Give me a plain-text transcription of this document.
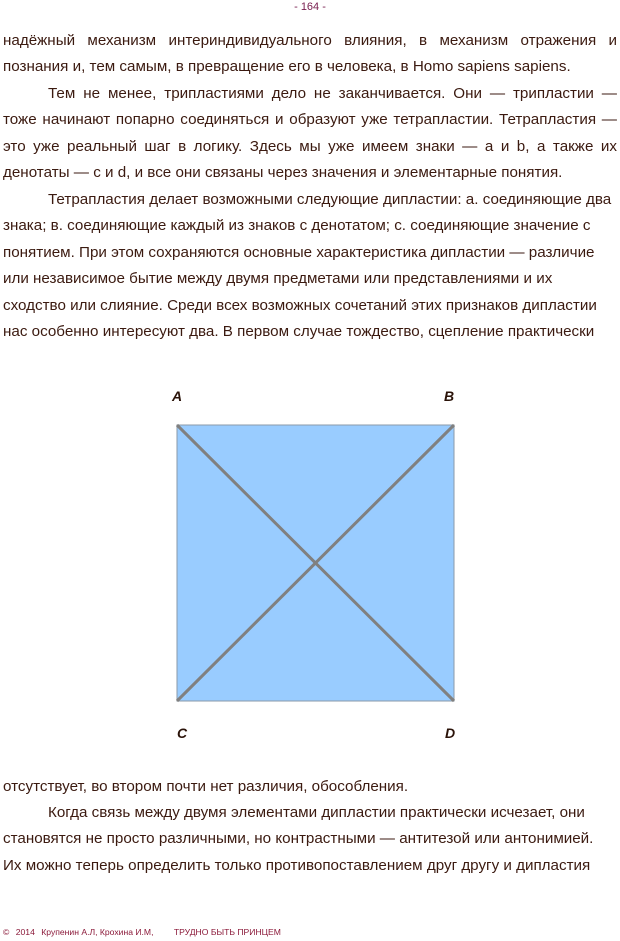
- 164 -
надёжный механизм интериндивидуального влияния, в механизм отражения и
познания и, тем самым, в превращение его в человека, в Homo sapiens sapiens.
Тем не менее, трипластиями дело не заканчивается. Они — трипластии —
тоже начинают попарно соединяться и образуют уже тетрапластии. Тетрапластия —
это уже реальный шаг в логику. Здесь мы уже имеем знаки — a и b, а также их
денотаты — c и d, и все они связаны через значения и элементарные понятия.
Тетрапластия делает возможными следующие дипластии: а. соединяющие два
знака; в. соединяющие каждый из знаков с денотатом; с. соединяющие значение с
понятием. При этом сохраняются основные характеристика дипластии — различие
или независимое бытие между двумя предметами или представлениями и их
сходство или слияние. Среди всех возможных сочетаний этих признаков дипластии
нас особенно интересуют два. В первом случае тождество, сцепление практически
A	B
C	D
отсутствует, во втором почти нет различия, обособления.
Когда связь между двумя элементами дипластии практически исчезает, они
становятся не просто различными, но контрастными — антитезой или антонимией.
Их можно теперь определить только противопоставлением друг другу и дипластия
© 2014 Крупенин А.Л, Крохина И.М, ТРУДНО БЫТЬ ПРИНЦЕМ
